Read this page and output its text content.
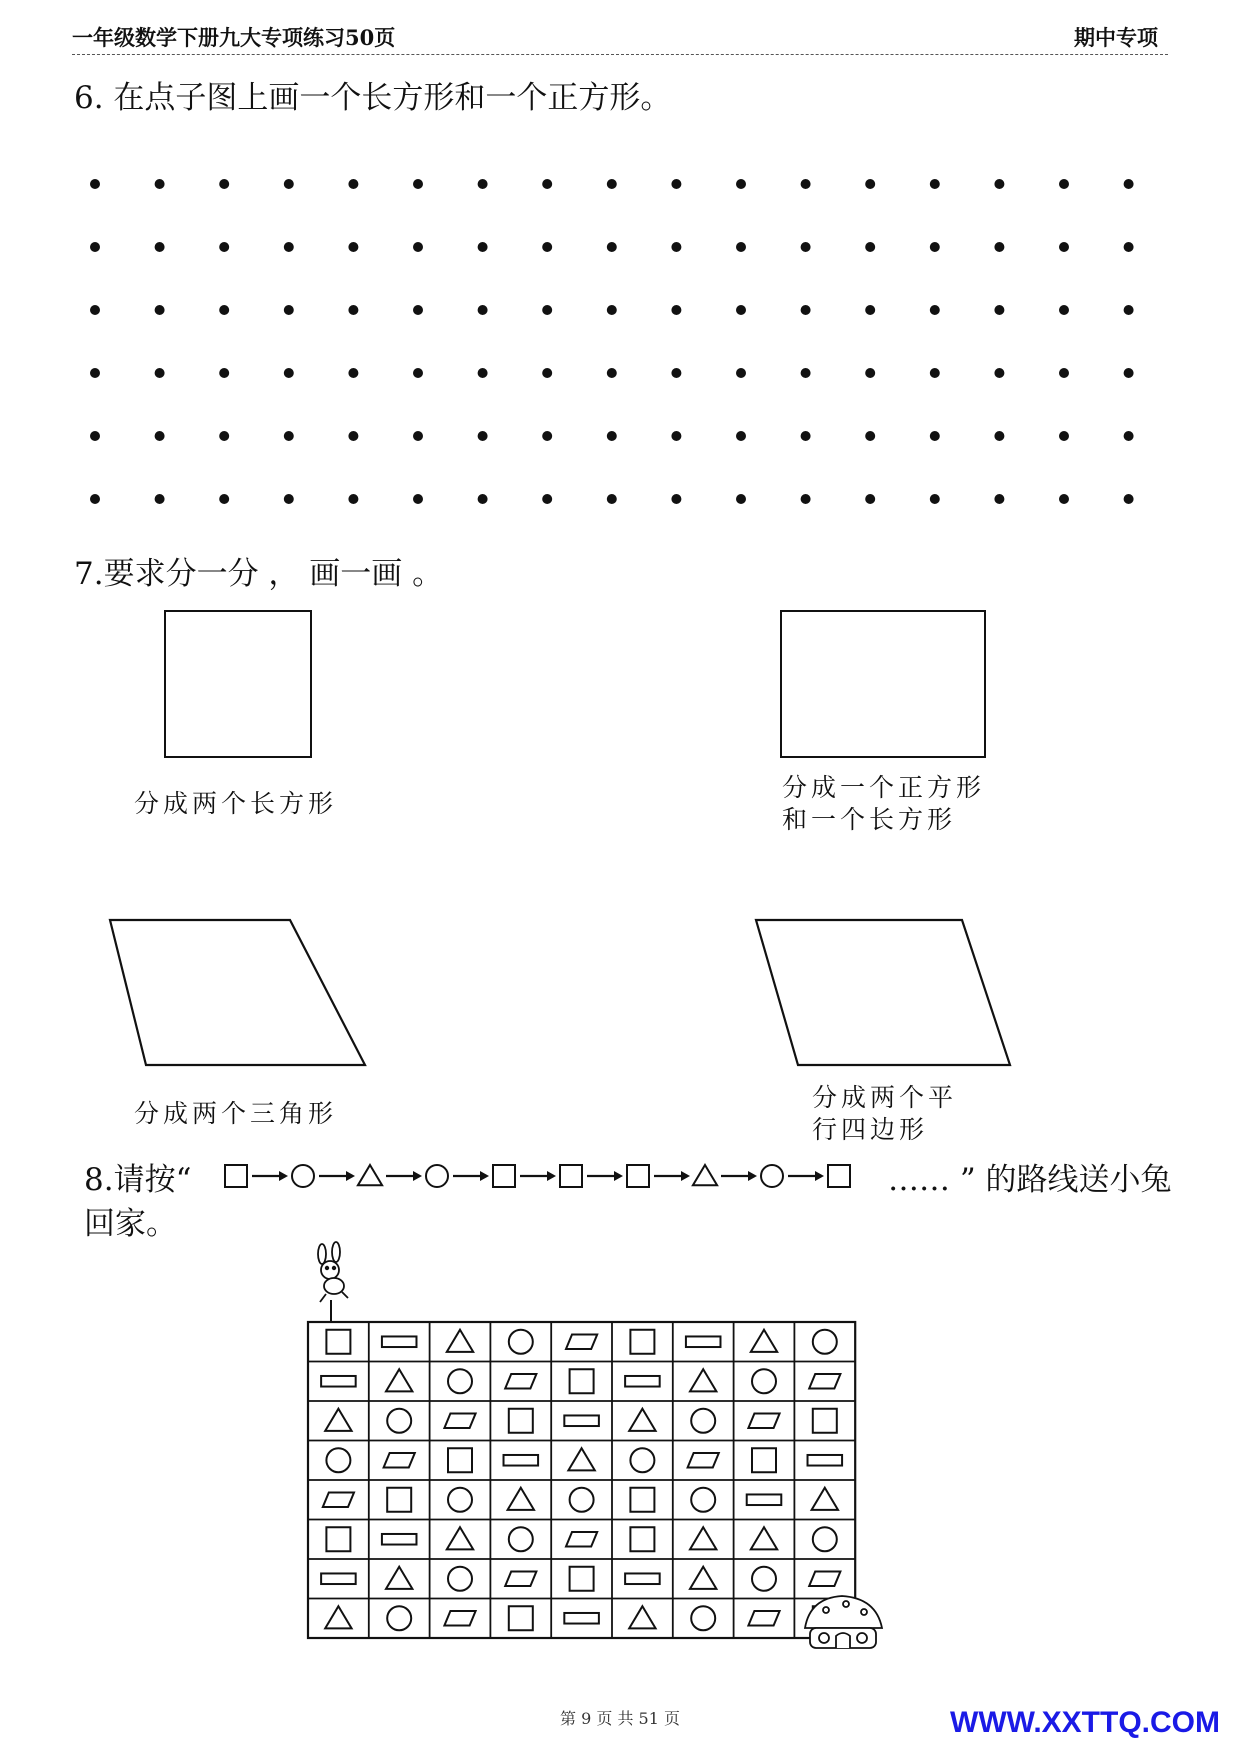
一年级数学下册九大专项练习50页	期中专项
6. 在点子图上画一个长方形和一个正方形。
7.要求分一分 ， 画一画 。
分成两个长方形
分成一个正方形
和一个长方形
分成两个三角形
分成两个平
行四边形
8.请按“	…… ” 的路线送小兔
回家。
第 9 页 共 51 页	WWW.XXTTQ.COM
